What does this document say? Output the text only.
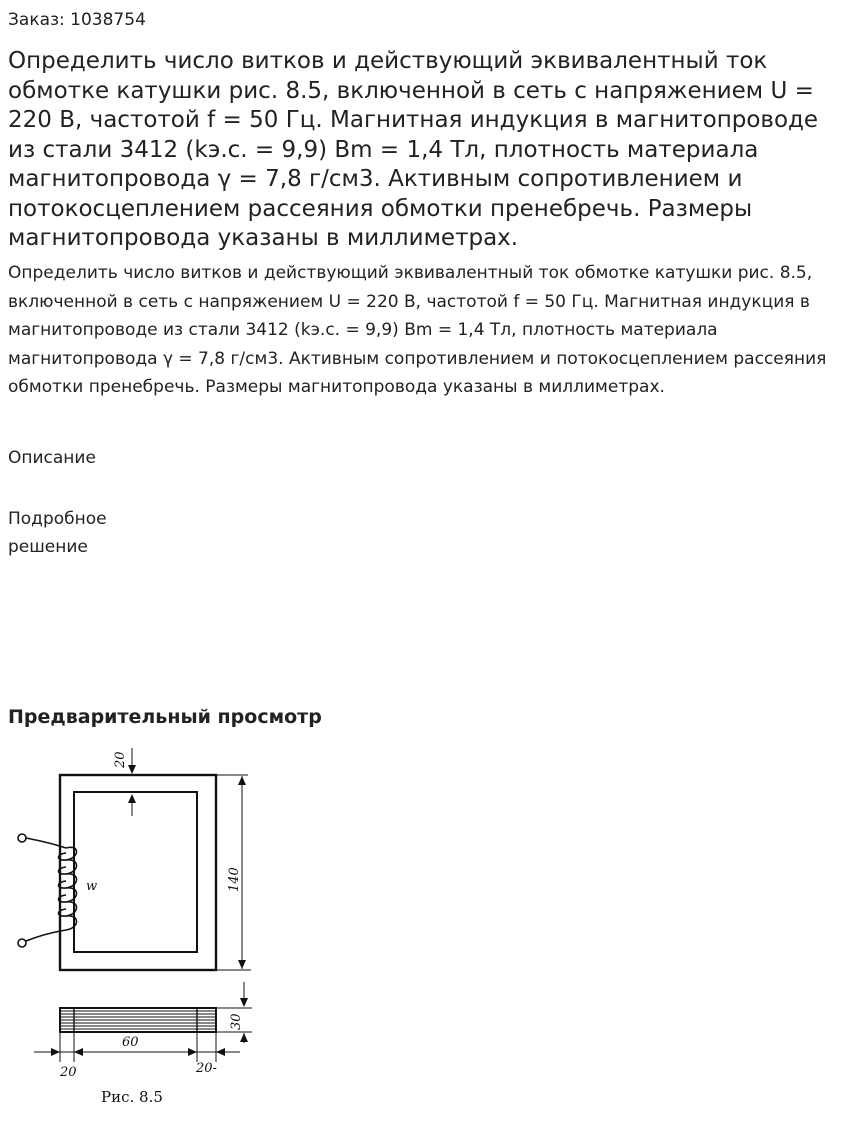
Заказ: 1038754
Определить число витков и действующий эквивалентный ток обмотке катушки рис. 8.5, включенной в сеть с напряжением U = 220 В, частотой f = 50 Гц. Магнитная индукция в магнитопроводе из стали 3412 (kэ.с. = 9,9) Bm = 1,4 Тл, плотность материала магнитопровода γ = 7,8 г/см3. Активным сопротивлением и потокосцеплением рассеяния обмотки пренебречь. Размеры магнитопровода указаны в миллиметрах.

Определить число витков и действующий эквивалентный ток обмотке катушки рис. 8.5, включенной в сеть с напряжением U = 220 В, частотой f = 50 Гц. Магнитная индукция в магнитопроводе из стали 3412 (kэ.с. = 9,9) Bm = 1,4 Тл, плотность материала магнитопровода γ = 7,8 г/см3. Активным сопротивлением и потокосцеплением рассеяния обмотки пренебречь. Размеры магнитопровода указаны в миллиметрах.

Описание
Подробное решение
Предварительный просмотр
20
140
30
w
60
20	20-
Рис. 8.5
